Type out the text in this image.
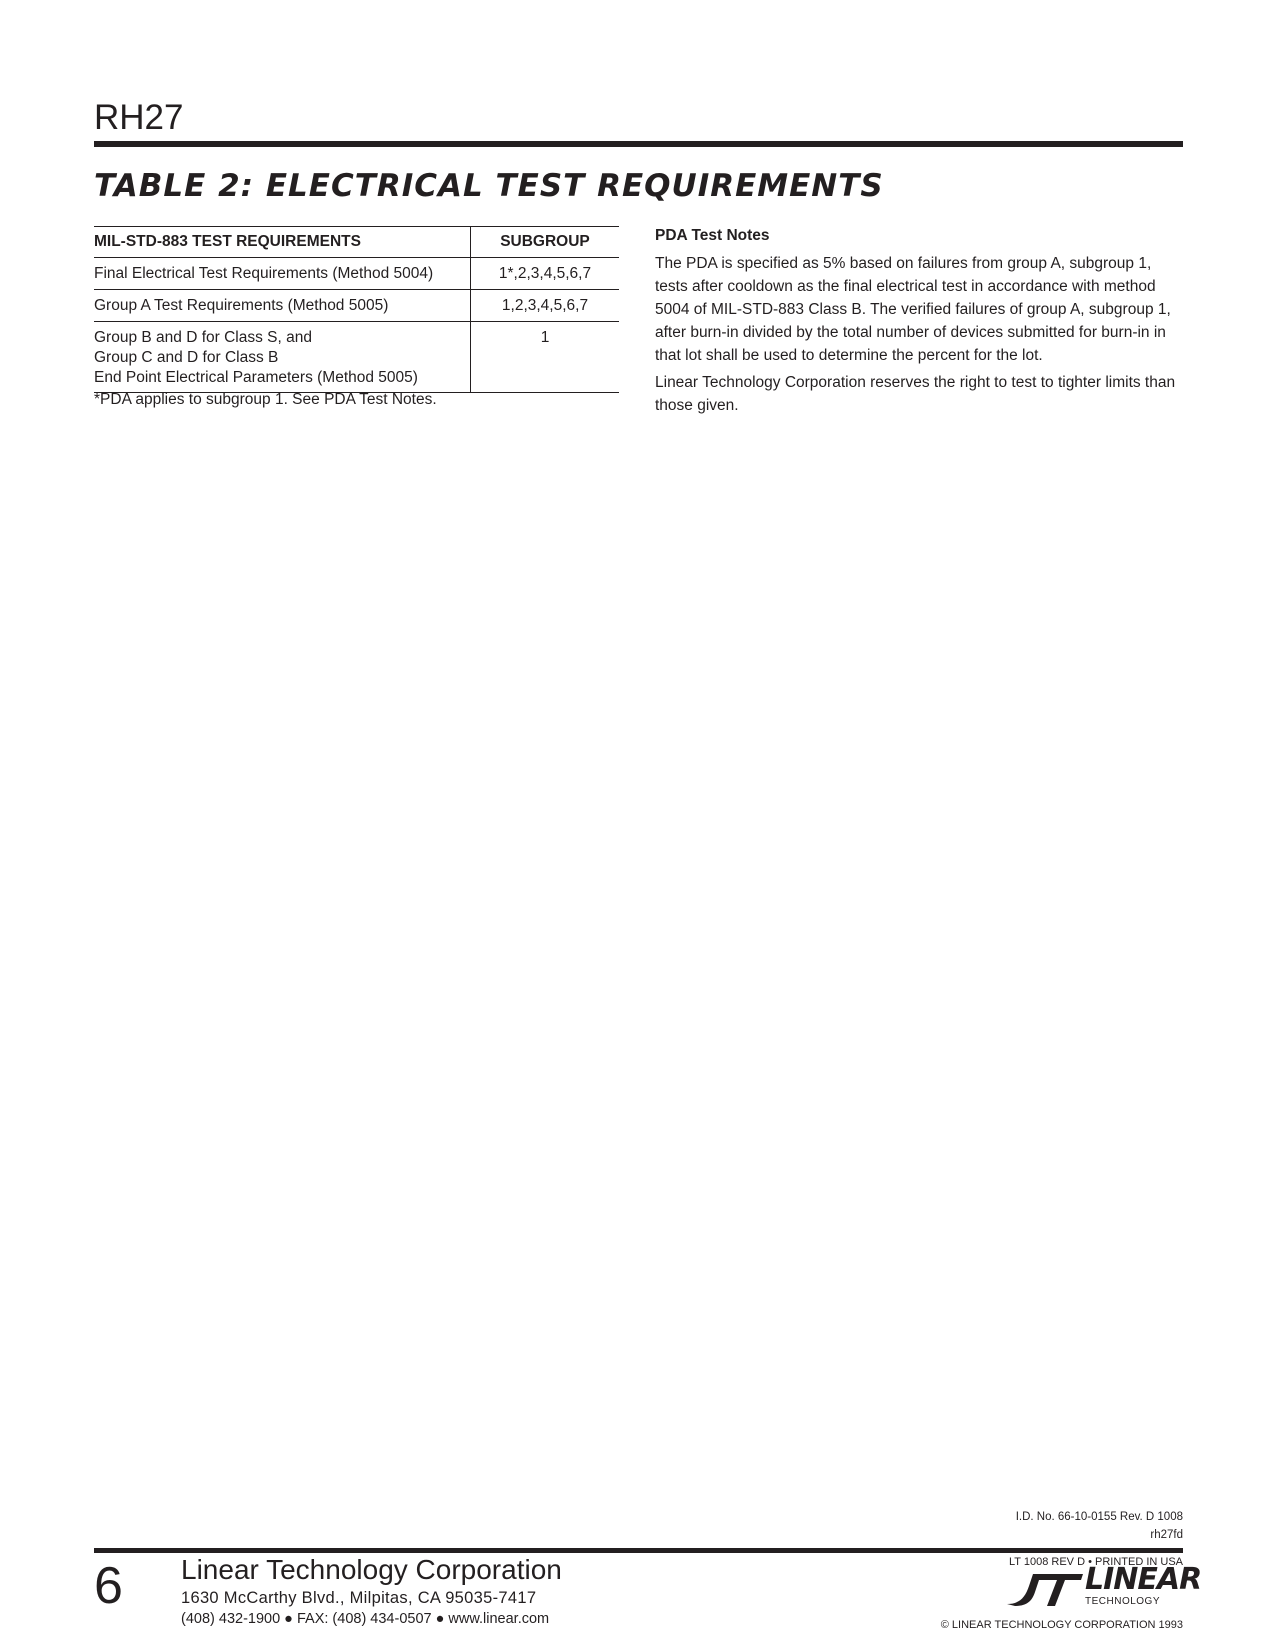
RH27
TABLE 2: ELECTRICAL TEST REQUIREMENTS
MIL-STD-883 TEST REQUIREMENTS	SUBGROUP

Final Electrical Test Requirements (Method 5004)	1*,2,3,4,5,6,7

Group A Test Requirements (Method 5005)	1,2,3,4,5,6,7

Group B and D for Class S, and
Group C and D for Class B
End Point Electrical Parameters (Method 5005)	1
*PDA applies to subgroup 1. See PDA Test Notes.
PDA Test Notes

The PDA is specified as 5% based on failures from group A, subgroup 1, tests after cooldown as the final electrical test in accordance with method 5004 of MIL-STD-883 Class B. The verified failures of group A, subgroup 1, after burn-in divided by the total number of devices submitted for burn-in in that lot shall be used to determine the percent for the lot.

Linear Technology Corporation reserves the right to test to tighter limits than those given.

I.D. No. 66-10-0155 Rev. D 1008
rh27fd
6 Linear Technology Corporation
1630 McCarthy Blvd., Milpitas, CA 95035-7417
(408) 432-1900 ● FAX: (408) 434-0507 ● www.linear.com
LT 1008 REV D • PRINTED IN USA
LINEAR
TECHNOLOGY
© LINEAR TECHNOLOGY CORPORATION 1993
